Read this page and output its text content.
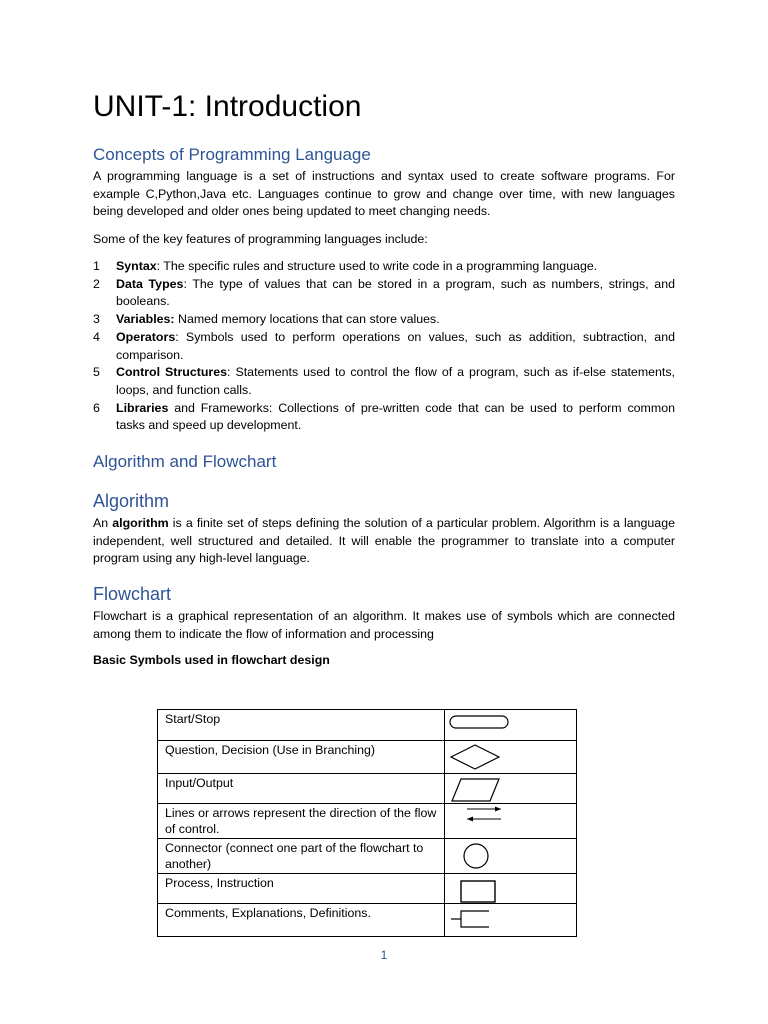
UNIT-1: Introduction
Concepts of Programming Language

A programming language is a set of instructions and syntax used to create software programs. For example C,Python,Java etc. Languages continue to grow and change over time, with new languages being developed and older ones being updated to meet changing needs.

Some of the key features of programming languages include:

1 Syntax: The specific rules and structure used to write code in a programming language.
2 Data Types: The type of values that can be stored in a program, such as numbers, strings, and booleans.
3 Variables: Named memory locations that can store values.
4 Operators: Symbols used to perform operations on values, such as addition, subtraction, and comparison.
5 Control Structures: Statements used to control the flow of a program, such as if-else statements, loops, and function calls.
6 Libraries and Frameworks: Collections of pre-written code that can be used to perform common tasks and speed up development.
Algorithm and Flowchart
Algorithm

An algorithm is a finite set of steps defining the solution of a particular problem. Algorithm is a language independent, well structured and detailed. It will enable the programmer to translate into a computer program using any high-level language.

Flowchart

Flowchart is a graphical representation of an algorithm. It makes use of symbols which are connected among them to indicate the flow of information and processing

Basic Symbols used in flowchart design

Start/Stop	

Question, Decision (Use in Branching)	

Input/Output	

Lines or arrows represent the direction of the flow of control.	

Connector (connect one part of the flowchart to another)	

Process, Instruction	

Comments, Explanations, Definitions.	
1
